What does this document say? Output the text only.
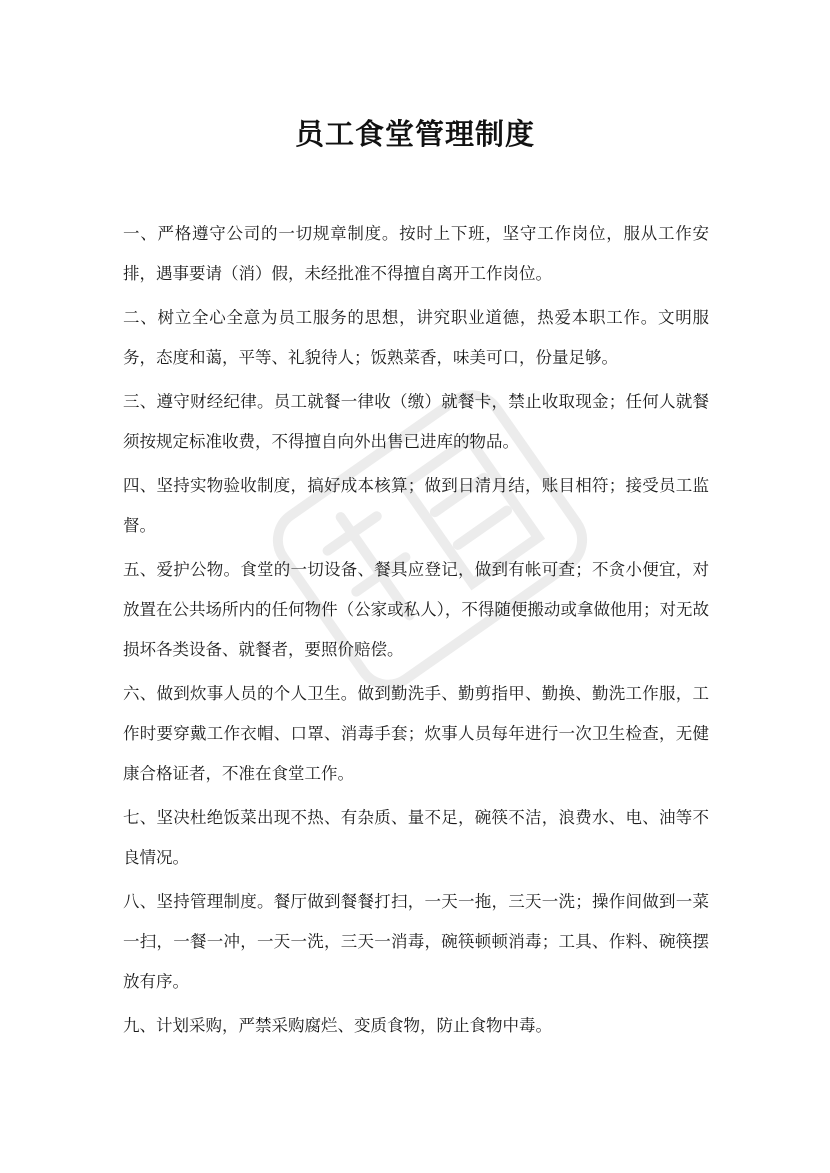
员工食堂管理制度

一、严格遵守公司的一切规章制度。按时上下班，坚守工作岗位，服从工作安排，遇事要请（消）假，未经批准不得擅自离开工作岗位。

二、树立全心全意为员工服务的思想，讲究职业道德，热爱本职工作。文明服务，态度和蔼，平等、礼貌待人；饭熟菜香，味美可口，份量足够。

三、遵守财经纪律。员工就餐一律收（缴）就餐卡，禁止收取现金；任何人就餐须按规定标准收费，不得擅自向外出售已进库的物品。

四、坚持实物验收制度，搞好成本核算；做到日清月结，账目相符；接受员工监督。

五、爱护公物。食堂的一切设备、餐具应登记，做到有帐可查；不贪小便宜，对放置在公共场所内的任何物件（公家或私人），不得随便搬动或拿做他用；对无故损坏各类设备、就餐者，要照价赔偿。

六、做到炊事人员的个人卫生。做到勤洗手、勤剪指甲、勤换、勤洗工作服，工作时要穿戴工作衣帽、口罩、消毒手套；炊事人员每年进行一次卫生检查，无健康合格证者，不准在食堂工作。

七、坚决杜绝饭菜出现不热、有杂质、量不足，碗筷不洁，浪费水、电、油等不良情况。

八、坚持管理制度。餐厅做到餐餐打扫，一天一拖，三天一洗；操作间做到一菜一扫，一餐一冲，一天一洗，三天一消毒，碗筷顿顿消毒；工具、作料、碗筷摆放有序。

九、计划采购，严禁采购腐烂、变质食物，防止食物中毒。
